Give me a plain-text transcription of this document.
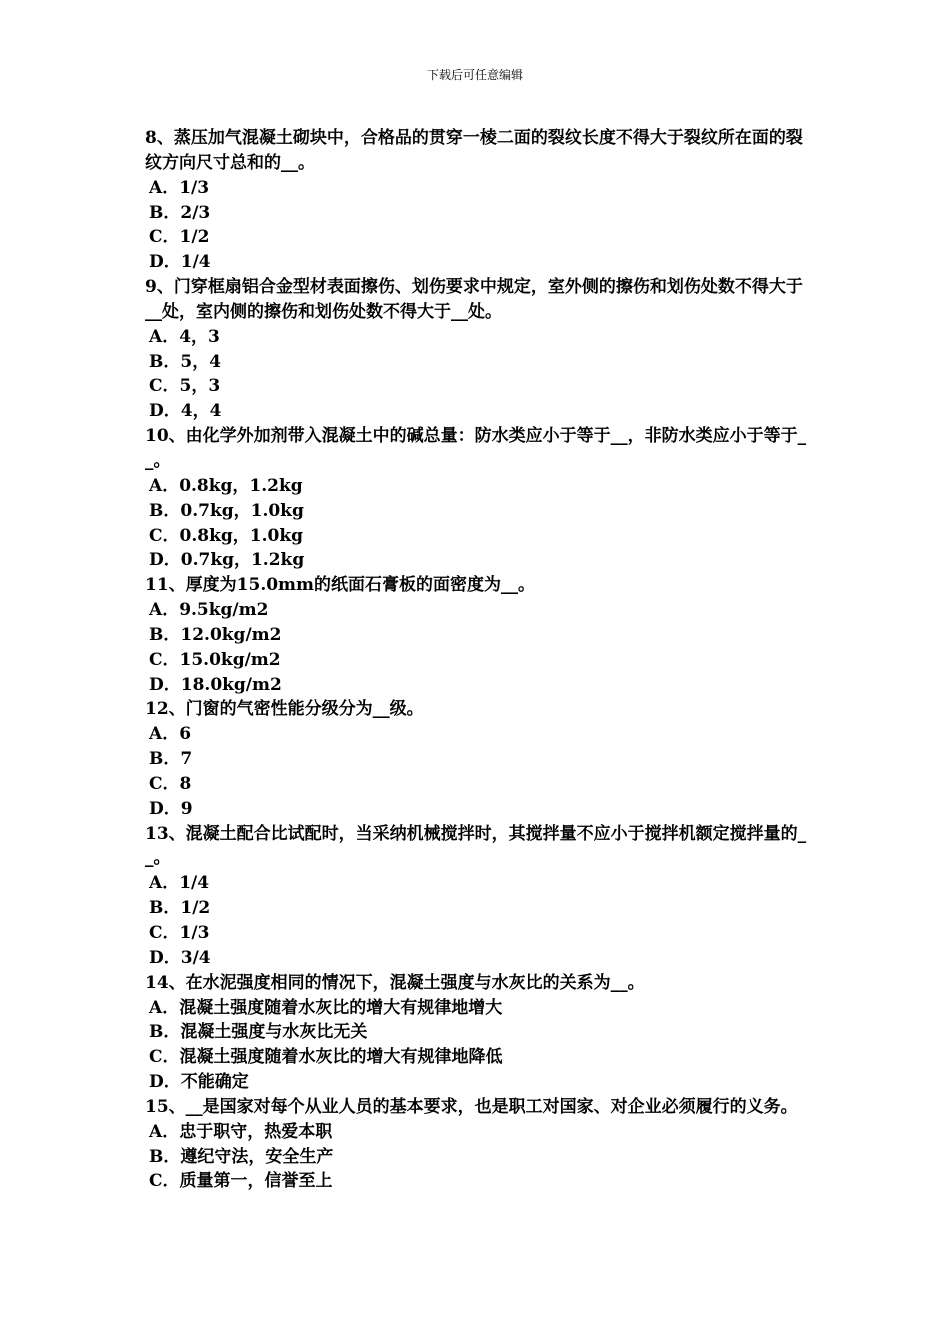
下载后可任意编辑

8、蒸压加气混凝土砌块中，合格品的贯穿一棱二面的裂纹长度不得大于裂纹所在面的裂纹方向尺寸总和的__。

A．1/3

B．2/3

C．1/2

D．1/4

9、门穿框扇铝合金型材表面擦伤、划伤要求中规定，室外侧的擦伤和划伤处数不得大于__处，室内侧的擦伤和划伤处数不得大于__处。

A．4，3

B．5，4

C．5，3

D．4，4

10、由化学外加剂带入混凝土中的碱总量：防水类应小于等于__，非防水类应小于等于__。

A．0.8kg，1.2kg

B．0.7kg，1.0kg

C．0.8kg，1.0kg

D．0.7kg，1.2kg

11、厚度为15.0mm的纸面石膏板的面密度为__。

A．9.5kg/m2

B．12.0kg/m2

C．15.0kg/m2

D．18.0kg/m2

12、门窗的气密性能分级分为__级。

A．6

B．7

C．8

D．9

13、混凝土配合比试配时，当采纳机械搅拌时，其搅拌量不应小于搅拌机额定搅拌量的__。

A．1/4

B．1/2

C．1/3

D．3/4

14、在水泥强度相同的情况下，混凝土强度与水灰比的关系为__。

A．混凝土强度随着水灰比的增大有规律地增大

B．混凝土强度与水灰比无关

C．混凝土强度随着水灰比的增大有规律地降低

D．不能确定

15、__是国家对每个从业人员的基本要求，也是职工对国家、对企业必须履行的义务。

A．忠于职守，热爱本职

B．遵纪守法，安全生产

C．质量第一，信誉至上
